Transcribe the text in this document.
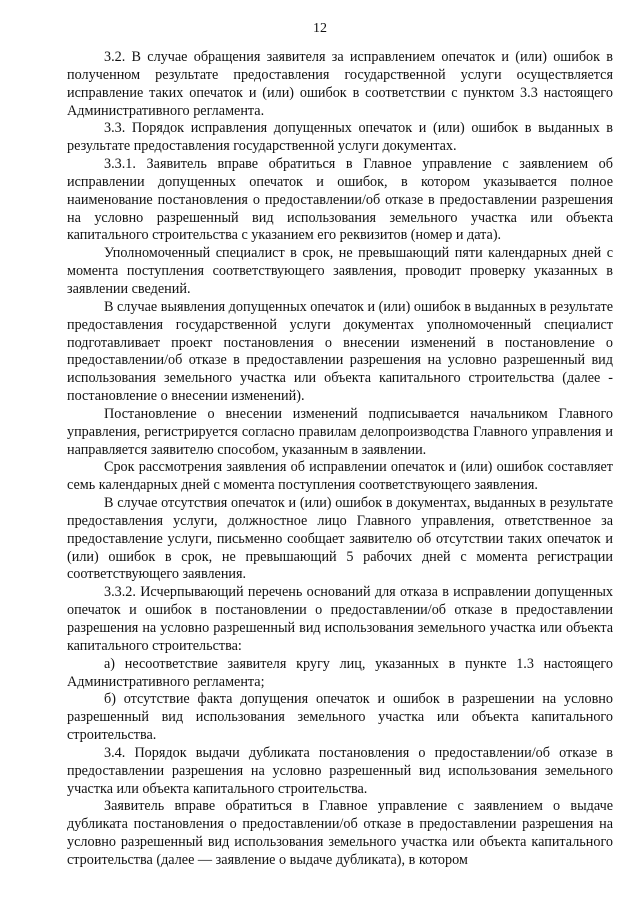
12

3.2. В случае обращения заявителя за исправлением опечаток и (или) ошибок в полученном результате предоставления государственной услуги осуществляется исправление таких опечаток и (или) ошибок в соответствии с пунктом 3.3 настоящего Административного регламента.

3.3. Порядок исправления допущенных опечаток и (или) ошибок в выданных в результате предоставления государственной услуги документах.

3.3.1. Заявитель вправе обратиться в Главное управление с заявлением об исправлении допущенных опечаток и ошибок, в котором указывается полное наименование постановления о предоставлении/об отказе в предоставлении разрешения на условно разрешенный вид использования земельного участка или объекта капитального строительства с указанием его реквизитов (номер и дата).

Уполномоченный специалист в срок, не превышающий пяти календарных дней с момента поступления соответствующего заявления, проводит проверку указанных в заявлении сведений.

В случае выявления допущенных опечаток и (или) ошибок в выданных в результате предоставления государственной услуги документах уполномоченный специалист подготавливает проект постановления о внесении изменений в постановление о предоставлении/об отказе в предоставлении разрешения на условно разрешенный вид использования земельного участка или объекта капитального строительства (далее - постановление о внесении изменений).

Постановление о внесении изменений подписывается начальником Главного управления, регистрируется согласно правилам делопроизводства Главного управления и направляется заявителю способом, указанным в заявлении.

Срок рассмотрения заявления об исправлении опечаток и (или) ошибок составляет семь календарных дней с момента поступления соответствующего заявления.

В случае отсутствия опечаток и (или) ошибок в документах, выданных в результате предоставления услуги, должностное лицо Главного управления, ответственное за предоставление услуги, письменно сообщает заявителю об отсутствии таких опечаток и (или) ошибок в срок, не превышающий 5 рабочих дней с момента регистрации соответствующего заявления.

3.3.2. Исчерпывающий перечень оснований для отказа в исправлении допущенных опечаток и ошибок в постановлении о предоставлении/об отказе в предоставлении разрешения на условно разрешенный вид использования земельного участка или объекта капитального строительства:

а) несоответствие заявителя кругу лиц, указанных в пункте 1.3 настоящего Административного регламента;

б) отсутствие факта допущения опечаток и ошибок в разрешении на условно разрешенный вид использования земельного участка или объекта капитального строительства.

3.4. Порядок выдачи дубликата постановления о предоставлении/об отказе в предоставлении разрешения на условно разрешенный вид использования земельного участка или объекта капитального строительства.

Заявитель вправе обратиться в Главное управление с заявлением о выдаче дубликата постановления о предоставлении/об отказе в предоставлении разрешения на условно разрешенный вид использования земельного участка или объекта капитального строительства (далее — заявление о выдаче дубликата), в котором
